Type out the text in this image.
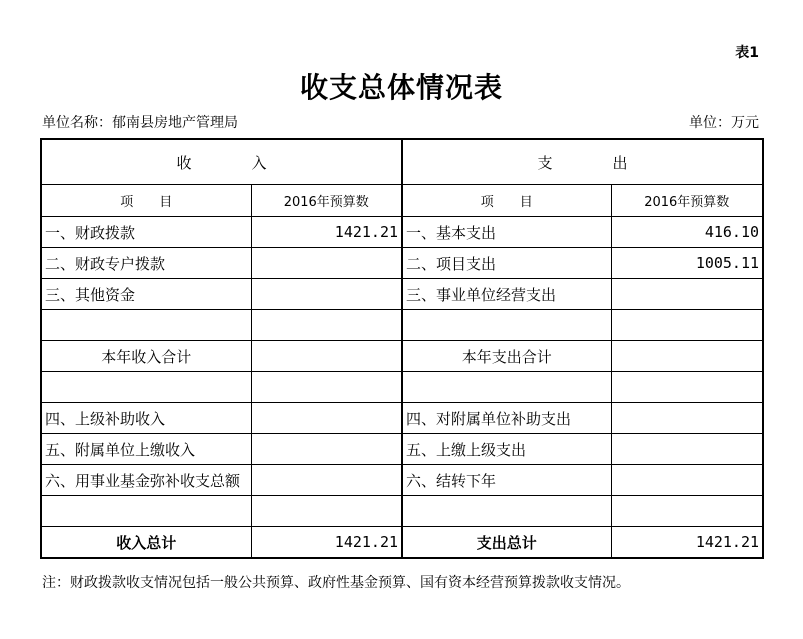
表1
收支总体情况表
单位名称：郁南县房地产管理局	单位：万元
收　　　　入		支　　　　出	
项　　目	2016年预算数	项　　目	2016年预算数
一、财政拨款	1421.21	一、基本支出	416.10
二、财政专户拨款		二、项目支出	1005.11
三、其他资金		三、事业单位经营支出	

本年收入合计		本年支出合计	

四、上级补助收入		四、对附属单位补助支出	
五、附属单位上缴收入		五、上缴上级支出	
六、用事业基金弥补收支总额		六、结转下年	

收入总计	1421.21	支出总计	1421.21
注：财政拨款收支情况包括一般公共预算、政府性基金预算、国有资本经营预算拨款收支情况。
